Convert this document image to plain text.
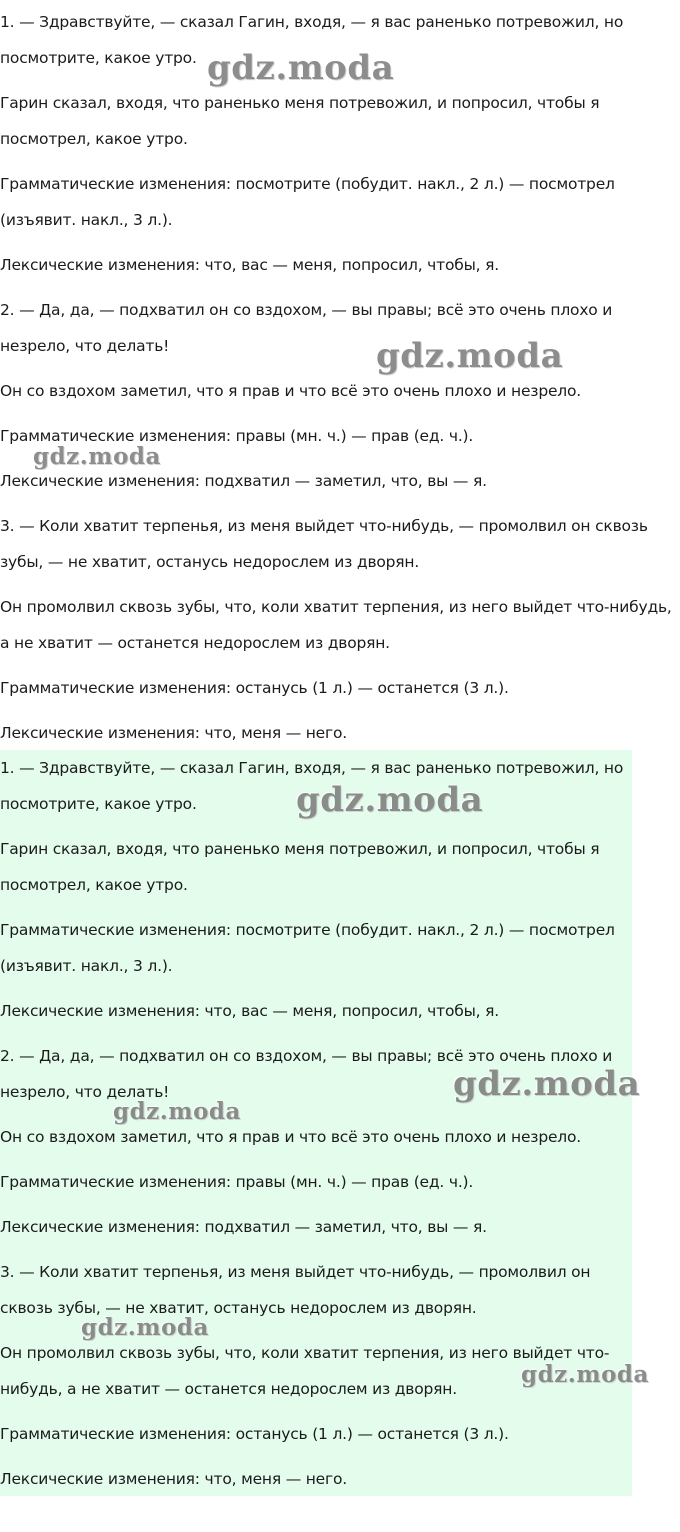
1. — Здравствуйте, — сказал Гагин, входя, — я вас раненько потревожил, но посмотрите, какое утро.

Гарин сказал, входя, что раненько меня потревожил, и попросил, чтобы я посмотрел, какое утро.

Грамматические изменения: посмотрите (побудит. накл., 2 л.) — посмотрел (изъявит. накл., 3 л.).

Лексические изменения: что, вас — меня, попросил, чтобы, я.

2. — Да, да, — подхватил он со вздохом, — вы правы; всё это очень плохо и незрело, что делать!

Он со вздохом заметил, что я прав и что всё это очень плохо и незрело.

Грамматические изменения: правы (мн. ч.) — прав (ед. ч.).

Лексические изменения: подхватил — заметил, что, вы — я.

3. — Коли хватит терпенья, из меня выйдет что-нибудь, — промолвил он сквозь зубы, — не хватит, останусь недорослем из дворян.

Он промолвил сквозь зубы, что, коли хватит терпения, из него выйдет что-нибудь, а не хватит — останется недорослем из дворян.

Грамматические изменения: останусь (1 л.) — останется (3 л.).

Лексические изменения: что, меня — него.

1. — Здравствуйте, — сказал Гагин, входя, — я вас раненько потревожил, но посмотрите, какое утро.

Гарин сказал, входя, что раненько меня потревожил, и попросил, чтобы я посмотрел, какое утро.

Грамматические изменения: посмотрите (побудит. накл., 2 л.) — посмотрел (изъявит. накл., 3 л.).

Лексические изменения: что, вас — меня, попросил, чтобы, я.

2. — Да, да, — подхватил он со вздохом, — вы правы; всё это очень плохо и незрело, что делать!

Он со вздохом заметил, что я прав и что всё это очень плохо и незрело.

Грамматические изменения: правы (мн. ч.) — прав (ед. ч.).

Лексические изменения: подхватил — заметил, что, вы — я.

3. — Коли хватит терпенья, из меня выйдет что-нибудь, — промолвил он сквозь зубы, — не хватит, останусь недорослем из дворян.

Он промолвил сквозь зубы, что, коли хватит терпения, из него выйдет что-нибудь, а не хватит — останется недорослем из дворян.

Грамматические изменения: останусь (1 л.) — останется (3 л.).

Лексические изменения: что, меня — него.

gdz.moda
gdz.moda
gdz.moda
gdz.moda
gdz.moda
gdz.moda
gdz.moda
gdz.moda
